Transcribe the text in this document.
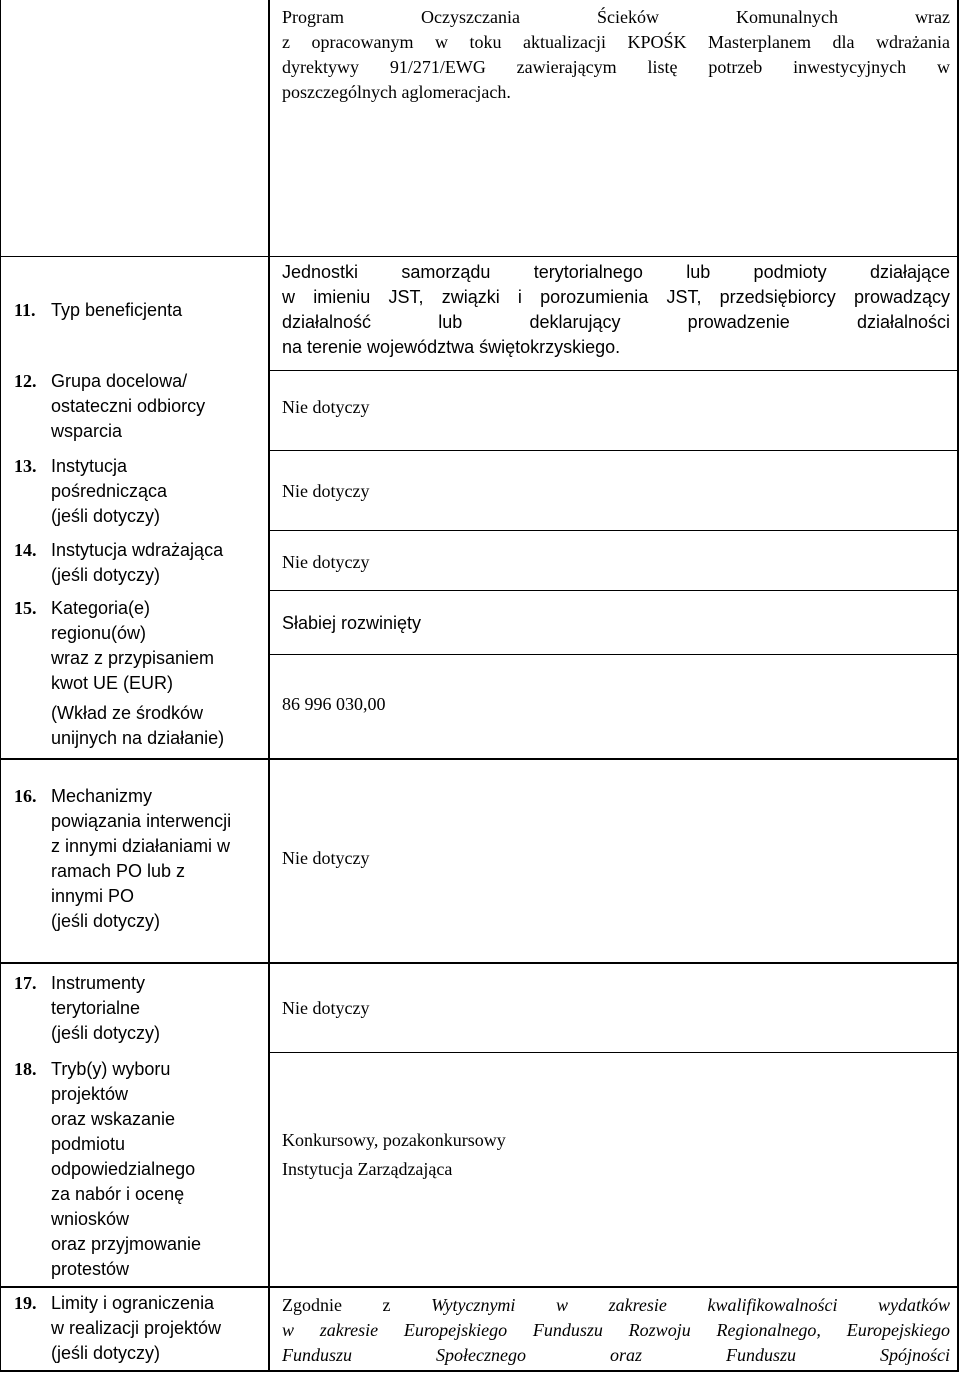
Program Oczyszczania Ścieków Komunalnych wraz
z opracowanym w toku aktualizacji KPOŚK Masterplanem dla wdrażania
dyrektywy 91/271/EWG zawierającym listę potrzeb inwestycyjnych w
poszczególnych aglomeracjach.
11. Typ beneficjenta
Jednostki samorządu terytorialnego lub podmioty działające
w imieniu JST, związki i porozumienia JST, przedsiębiorcy prowadzący
działalność lub deklarujący prowadzenie działalności
na terenie województwa świętokrzyskiego.
12. Grupa docelowa/
ostateczni odbiorcy
wsparcia
Nie dotyczy
13. Instytucja
pośrednicząca
(jeśli dotyczy)
Nie dotyczy
14. Instytucja wdrażająca
(jeśli dotyczy)
Nie dotyczy
15. Kategoria(e)
regionu(ów)
wraz z przypisaniem
kwot UE (EUR)
(Wkład ze środków
unijnych na działanie)
Słabiej rozwinięty
86 996 030,00
16. Mechanizmy
powiązania interwencji
z innymi działaniami w
ramach PO lub z
innymi PO
(jeśli dotyczy)
Nie dotyczy
17. Instrumenty
terytorialne
(jeśli dotyczy)
Nie dotyczy
18. Tryb(y) wyboru
projektów
oraz wskazanie
podmiotu
odpowiedzialnego
za nabór i ocenę
wniosków
oraz przyjmowanie
protestów
Konkursowy, pozakonkursowy
Instytucja Zarządzająca
19. Limity i ograniczenia
w realizacji projektów
(jeśli dotyczy)
Zgodnie z Wytycznymi w zakresie kwalifikowalności wydatków
w zakresie Europejskiego Funduszu Rozwoju Regionalnego, Europejskiego
Funduszu Społecznego oraz Funduszu Spójności
